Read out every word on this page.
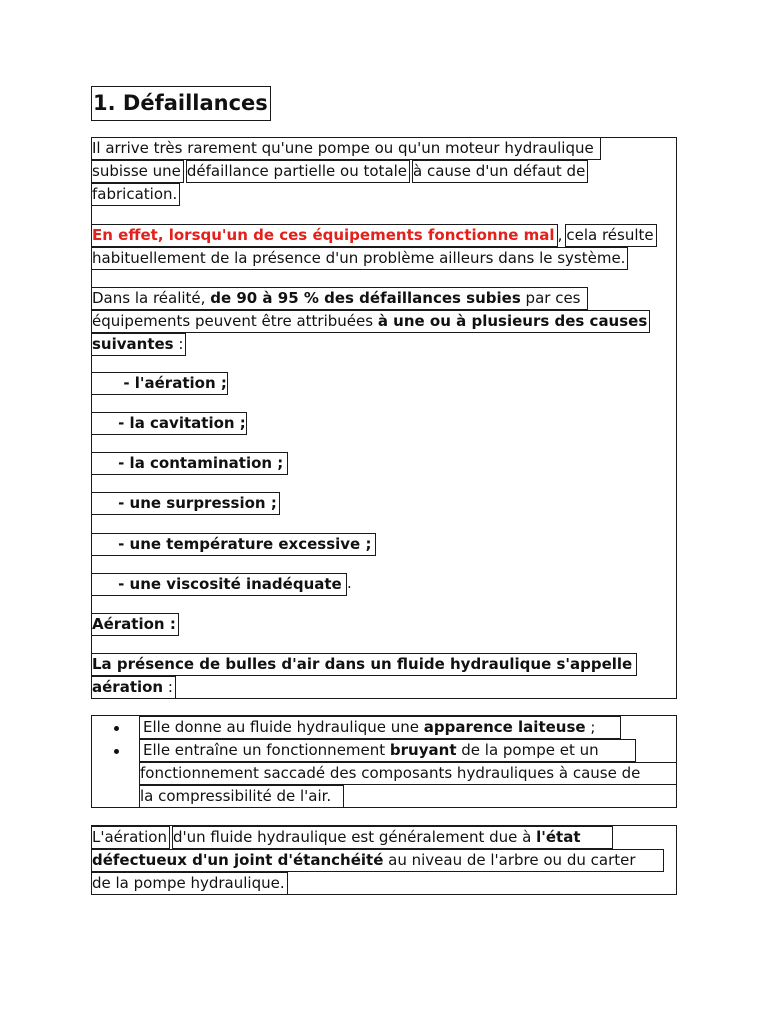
1. Défaillances
Il arrive très rarement qu'une pompe ou qu'un moteur hydraulique
subisse une défaillance partielle ou totale à cause d'un défaut de
fabrication.
En effet, lorsqu'un de ces équipements fonctionne mal , cela résulte
habituellement de la présence d'un problème ailleurs dans le système.
Dans la réalité, de 90 à 95 % des défaillances subies par ces
équipements peuvent être attribuées à une ou à plusieurs des causes
suivantes :
- l'aération ;
- la cavitation ;
- la contamination ;
- une surpression ;
- une température excessive ;
- une viscosité inadéquate .
Aération :
La présence de bulles d'air dans un fluide hydraulique s'appelle
aération :
Elle donne au fluide hydraulique une apparence laiteuse ;
Elle entraîne un fonctionnement bruyant de la pompe et un
fonctionnement saccadé des composants hydrauliques à cause de
la compressibilité de l'air.
L'aération d'un fluide hydraulique est généralement due à l'état
défectueux d'un joint d'étanchéité au niveau de l'arbre ou du carter
de la pompe hydraulique.
